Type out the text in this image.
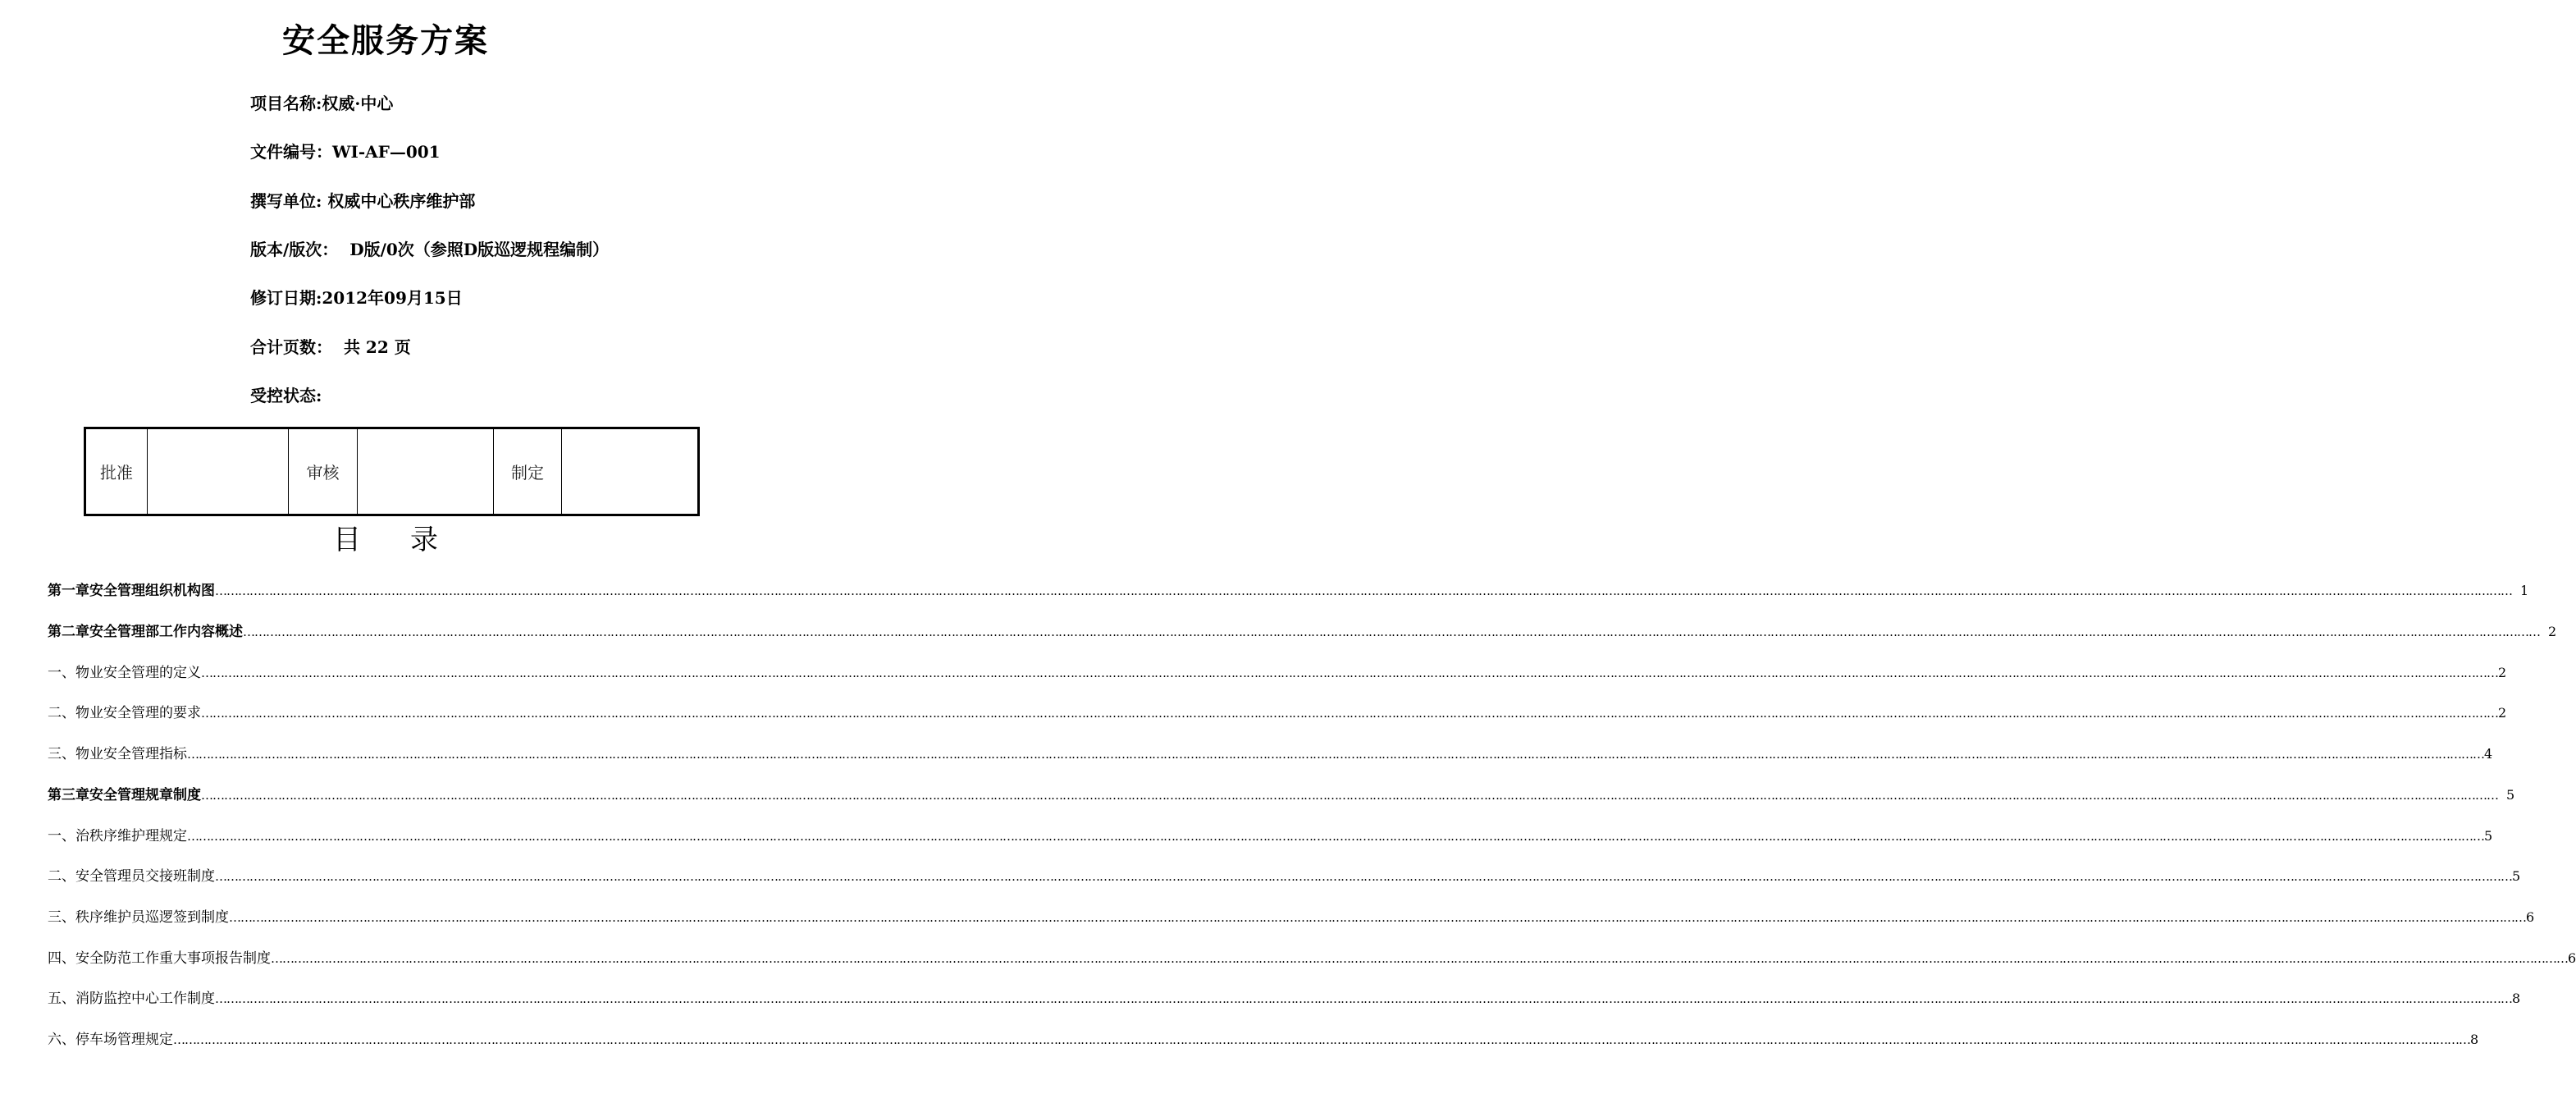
安全服务方案
项目名称:权威·中心
文件编号：WI-AF—001
撰写单位: 权威中心秩序维护部
版本/版次：  D版/0次（参照D版巡逻规程编制）
修订日期:2012年09月15日
合计页数：  共 22 页
受控状态:
批准		审核		制定	
目 录
第一章安全管理组织机构图 …………………………………………………………………………………………………………………………………………………………………………………………………………………………………………………………………………………………………………………………………………………………………………………………………………………………………………………………………………………………………………………………………………………… 1
第二章安全管理部工作内容概述 …………………………………………………………………………………………………………………………………………………………………………………………………………………………………………………………………………………………………………………………………………………………………………………………………………………………………………………………………………………………………………………………………………………… 2
一、物业安全管理的定义 …………………………………………………………………………………………………………………………………………………………………………………………………………………………………………………………………………………………………………………………………………………………………………………………………………………………………………………………………………………………………………………………………………………… 2
二、物业安全管理的要求 …………………………………………………………………………………………………………………………………………………………………………………………………………………………………………………………………………………………………………………………………………………………………………………………………………………………………………………………………………………………………………………………………………………… 2
三、物业安全管理指标 …………………………………………………………………………………………………………………………………………………………………………………………………………………………………………………………………………………………………………………………………………………………………………………………………………………………………………………………………………………………………………………………………………………… 4
第三章安全管理规章制度 …………………………………………………………………………………………………………………………………………………………………………………………………………………………………………………………………………………………………………………………………………………………………………………………………………………………………………………………………………………………………………………………………………………… 5
一、治秩序维护理规定 …………………………………………………………………………………………………………………………………………………………………………………………………………………………………………………………………………………………………………………………………………………………………………………………………………………………………………………………………………………………………………………………………………………… 5
二、安全管理员交接班制度 …………………………………………………………………………………………………………………………………………………………………………………………………………………………………………………………………………………………………………………………………………………………………………………………………………………………………………………………………………………………………………………………………………………… 5
三、秩序维护员巡逻签到制度 …………………………………………………………………………………………………………………………………………………………………………………………………………………………………………………………………………………………………………………………………………………………………………………………………………………………………………………………………………………………………………………………………………………… 6
四、安全防范工作重大事项报告制度 …………………………………………………………………………………………………………………………………………………………………………………………………………………………………………………………………………………………………………………………………………………………………………………………………………………………………………………………………………………………………………………………………………………… 6
五、消防监控中心工作制度 …………………………………………………………………………………………………………………………………………………………………………………………………………………………………………………………………………………………………………………………………………………………………………………………………………………………………………………………………………………………………………………………………………………… 8
六、停车场管理规定 …………………………………………………………………………………………………………………………………………………………………………………………………………………………………………………………………………………………………………………………………………………………………………………………………………………………………………………………………………………………………………………………………………………… 8
